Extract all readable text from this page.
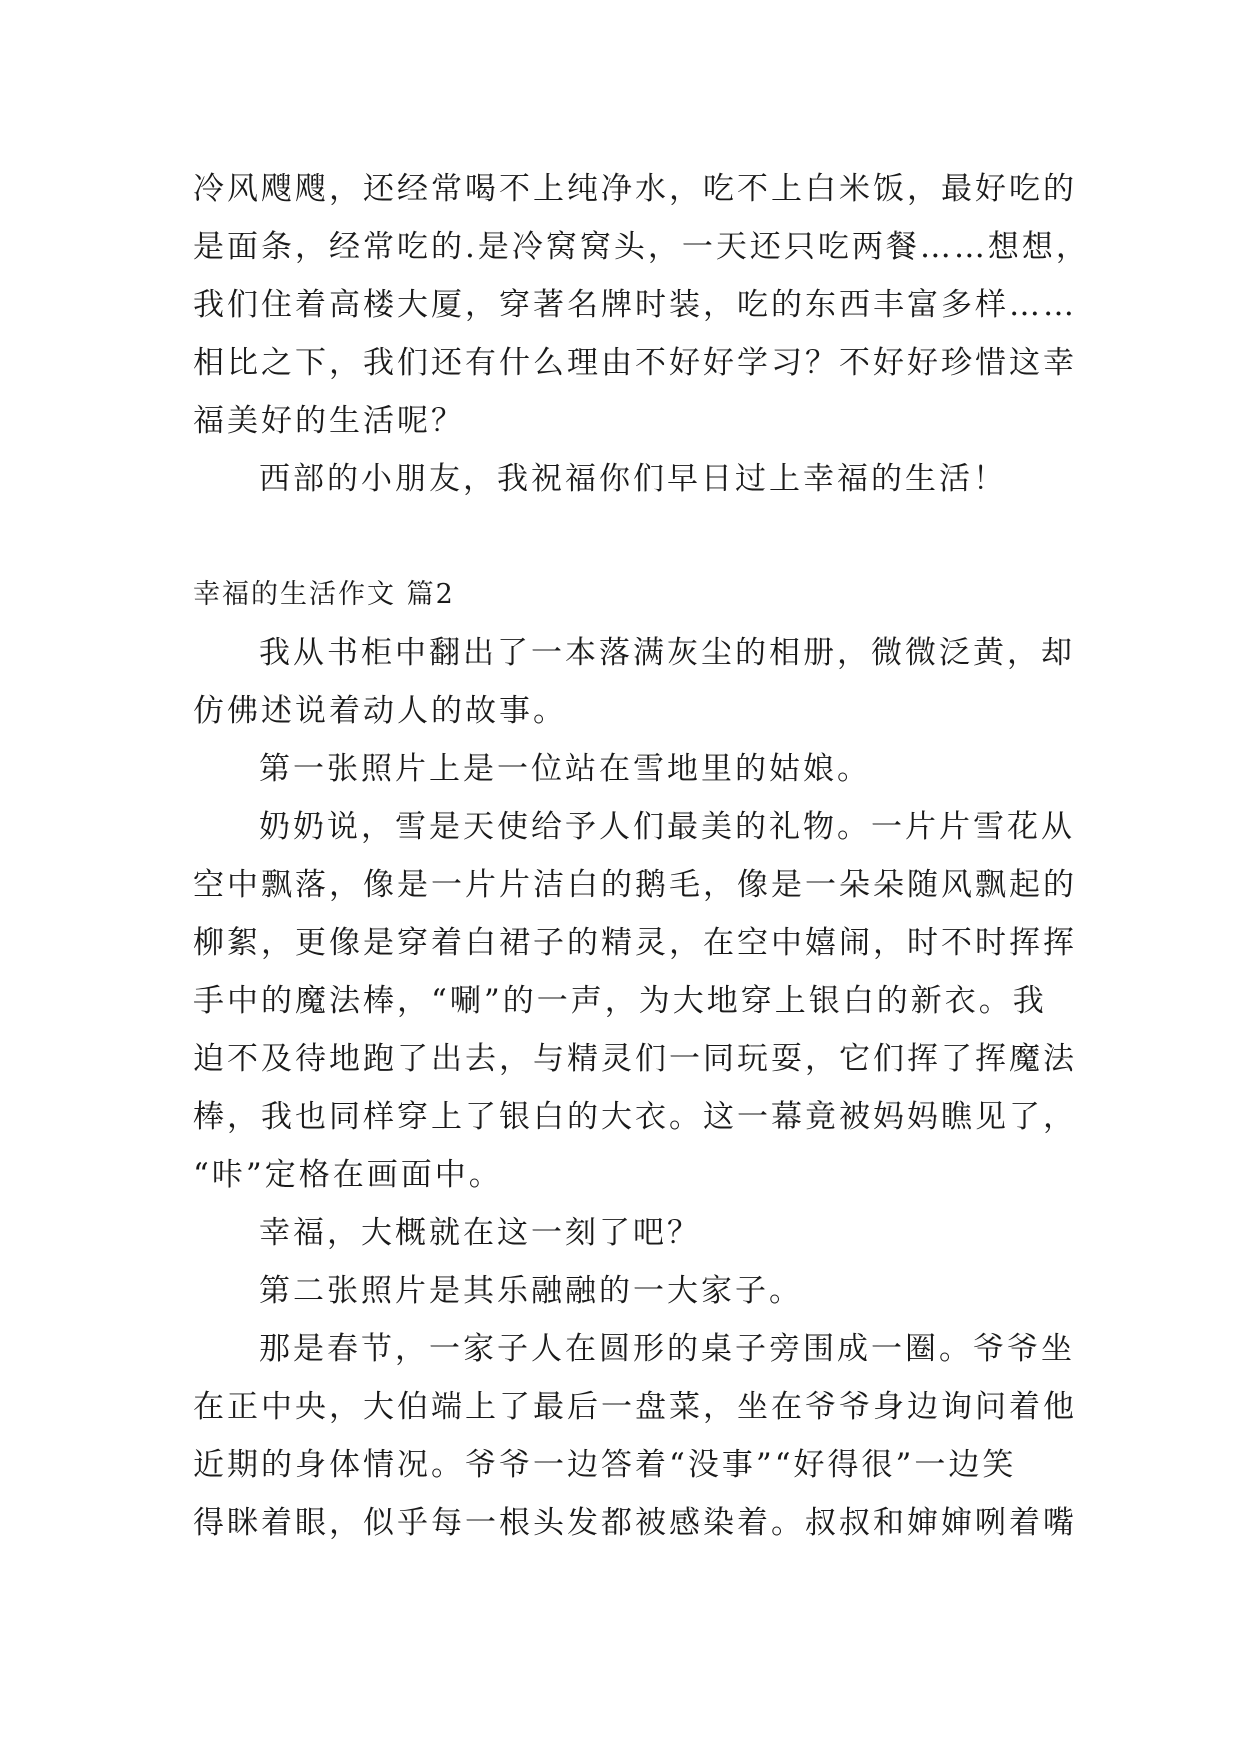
冷风飕飕，还经常喝不上纯净水，吃不上白米饭，最好吃的
是面条，经常吃的.是冷窝窝头，一天还只吃两餐……想想，
我们住着高楼大厦，穿著名牌时装，吃的东西丰富多样……
相比之下，我们还有什么理由不好好学习？不好好珍惜这幸
福美好的生活呢？
西部的小朋友，我祝福你们早日过上幸福的生活！
幸福的生活作文 篇2
我从书柜中翻出了一本落满灰尘的相册，微微泛黄，却
仿佛述说着动人的故事。
第一张照片上是一位站在雪地里的姑娘。
奶奶说，雪是天使给予人们最美的礼物。一片片雪花从
空中飘落，像是一片片洁白的鹅毛，像是一朵朵随风飘起的
柳絮，更像是穿着白裙子的精灵，在空中嬉闹，时不时挥挥
手中的魔法棒，“唰”的一声，为大地穿上银白的新衣。我
迫不及待地跑了出去，与精灵们一同玩耍，它们挥了挥魔法
棒，我也同样穿上了银白的大衣。这一幕竟被妈妈瞧见了，
“咔”定格在画面中。
幸福，大概就在这一刻了吧？
第二张照片是其乐融融的一大家子。
那是春节，一家子人在圆形的桌子旁围成一圈。爷爷坐
在正中央，大伯端上了最后一盘菜，坐在爷爷身边询问着他
近期的身体情况。爷爷一边答着“没事”“好得很”一边笑
得眯着眼，似乎每一根头发都被感染着。叔叔和婶婶咧着嘴
